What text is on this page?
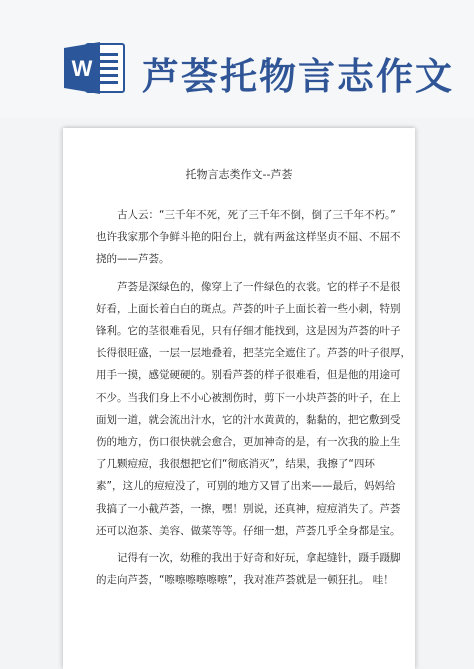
W 芦荟托物言志作文
托物言志类作文--芦荟
古人云：“三千年不死，死了三千年不倒，倒了三千年不朽。”
也许我家那个争鲜斗艳的阳台上，就有两盆这样坚贞不屈、不屈不
挠的——芦荟。
芦荟是深绿色的，像穿上了一件绿色的衣裳。它的样子不是很
好看，上面长着白白的斑点。芦荟的叶子上面长着一些小刺，特别
锋利。它的茎很难看见，只有仔细才能找到，这是因为芦荟的叶子
长得很旺盛，一层一层地叠着，把茎完全遮住了。芦荟的叶子很厚，
用手一摸，感觉硬硬的。别看芦荟的样子很难看，但是他的用途可
不少。当我们身上不小心被割伤时，剪下一小块芦荟的叶子，在上
面划一道，就会流出汁水，它的汁水黄黄的，黏黏的，把它敷到受
伤的地方，伤口很快就会愈合，更加神奇的是，有一次我的脸上生
了几颗痘痘，我很想把它们“彻底消灭”，结果，我擦了“四环
素”，这儿的痘痘没了，可别的地方又冒了出来——最后，妈妈给
我搞了一小截芦荟，一擦，嘿！别说，还真神，痘痘消失了。芦荟
还可以泡茶、美容、做菜等等。仔细一想，芦荟几乎全身都是宝。
记得有一次，幼稚的我出于好奇和好玩，拿起缝针，蹑手蹑脚
的走向芦荟，“嚓嚓嚓嚓嚓嚓”，我对准芦荟就是一顿狂扎。 哇！
